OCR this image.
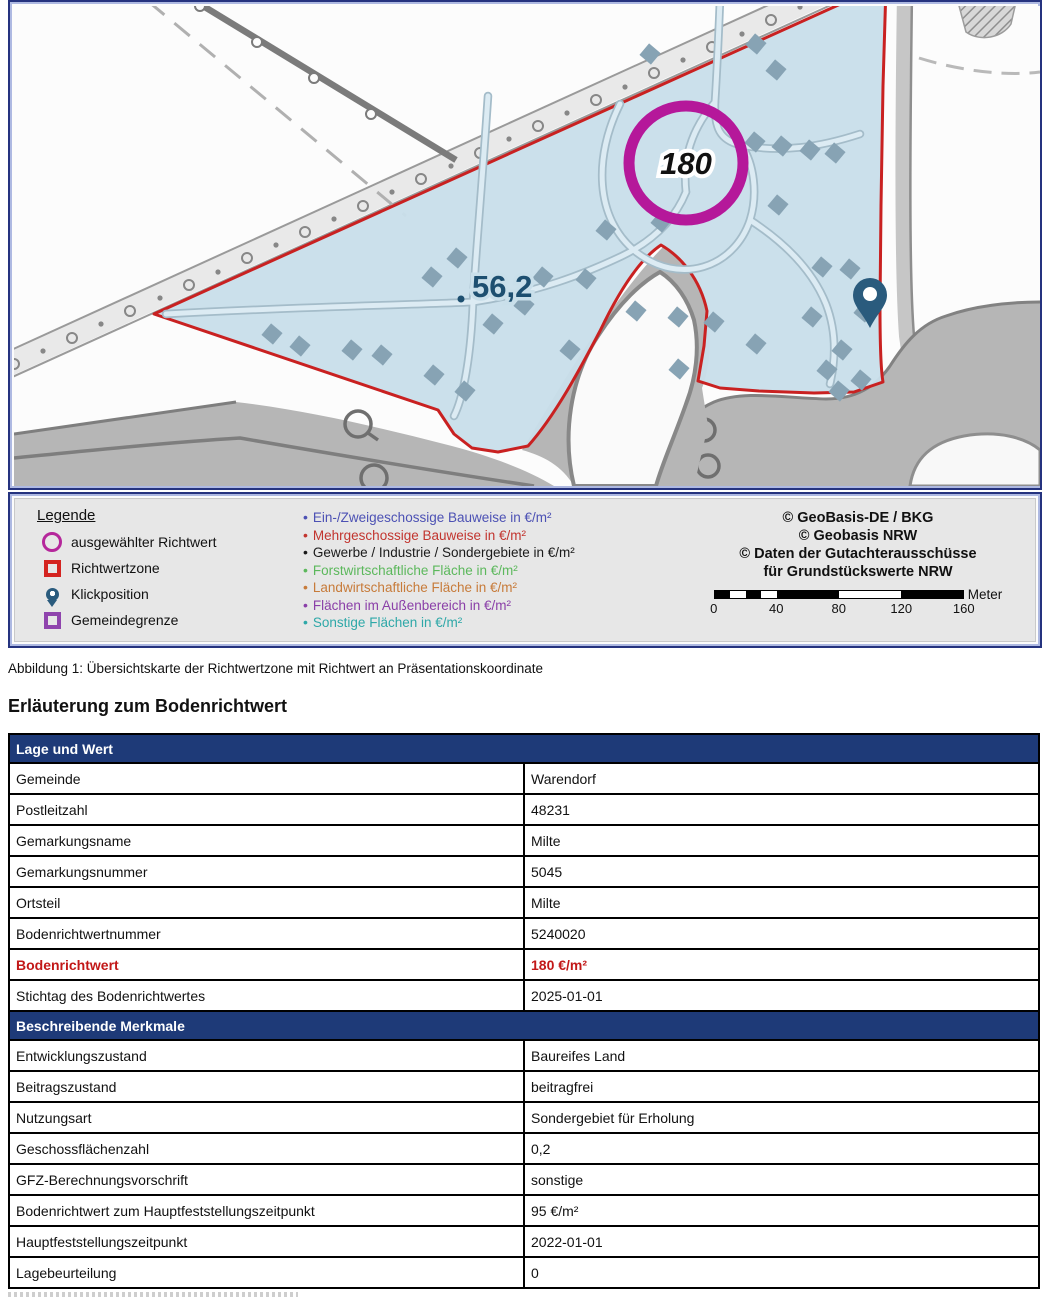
56,2
180
Legende
ausgewählter Richtwert
Richtwertzone
Klickposition
Gemeindegrenze
• Ein-/Zweigeschossige Bauweise in €/m²
• Mehrgeschossige Bauweise in €/m²
• Gewerbe / Industrie / Sondergebiete in €/m²
• Forstwirtschaftliche Fläche in €/m²
• Landwirtschaftliche Fläche in €/m²
• Flächen im Außenbereich in €/m²
• Sonstige Flächen in €/m²
© GeoBasis-DE / BKG
© Geobasis NRW
© Daten der Gutachterausschüsse
für Grundstückswerte NRW
0	40	80	120	160
Meter
Abbildung 1: Übersichtskarte der Richtwertzone mit Richtwert an Präsentationskoordinate
Erläuterung zum Bodenrichtwert
Lage und Wert	
Gemeinde	Warendorf
Postleitzahl	48231
Gemarkungsname	Milte
Gemarkungsnummer	5045
Ortsteil	Milte
Bodenrichtwertnummer	5240020
Bodenrichtwert	180 €/m²
Stichtag des Bodenrichtwertes	2025-01-01
Beschreibende Merkmale	
Entwicklungszustand	Baureifes Land
Beitragszustand	beitragfrei
Nutzungsart	Sondergebiet für Erholung
Geschossflächenzahl	0,2
GFZ-Berechnungsvorschrift	sonstige
Bodenrichtwert zum Hauptfeststellungszeitpunkt	95 €/m²
Hauptfeststellungszeitpunkt	2022-01-01
Lagebeurteilung	0
